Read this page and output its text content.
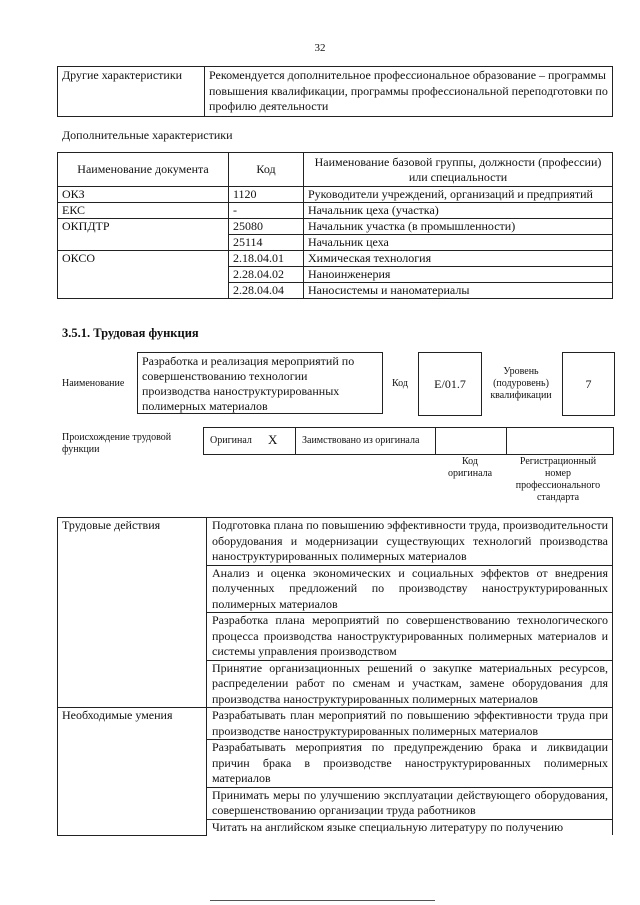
32
Другие характеристики	Рекомендуется дополнительное профессиональное образование – программы повышения квалификации, программы профессиональной переподготовки по профилю деятельности
Дополнительные характеристики
Наименование документа	Код	Наименование базовой группы, должности (профессии) или специальности
ОКЗ	1120	Руководители учреждений, организаций и предприятий
ЕКС	-	Начальник цеха (участка)
ОКПДТР	25080	Начальник участка (в промышленности)
	25114	Начальник цеха
ОКСО	2.18.04.01	Химическая технология
	2.28.04.02	Наноинженерия
	2.28.04.04	Наносистемы и наноматериалы
3.5.1. Трудовая функция
Наименование
Разработка и реализация мероприятий по совершенствованию технологии производства наноструктурированных полимерных материалов
Код	E/01.7
Уровень (подуровень) квалификации
7
Происхождение трудовой функции
Оригинал X Заимствовано из оригинала
Код оригинала
Регистрационный номер профессионального стандарта
Трудовые действия	Подготовка плана по повышению эффективности труда, производительности оборудования и модернизации существующих технологий производства наноструктурированных полимерных материалов
	Анализ и оценка экономических и социальных эффектов от внедрения полученных предложений по производству наноструктурированных полимерных материалов
	Разработка плана мероприятий по совершенствованию технологического процесса производства наноструктурированных полимерных материалов и системы управления производством
	Принятие организационных решений о закупке материальных ресурсов, распределении работ по сменам и участкам, замене оборудования для производства наноструктурированных полимерных материалов
Необходимые умения	Разрабатывать план мероприятий по повышению эффективности труда при производстве наноструктурированных полимерных материалов
	Разрабатывать мероприятия по предупреждению брака и ликвидации причин брака в производстве наноструктурированных полимерных материалов
	Принимать меры по улучшению эксплуатации действующего оборудования, совершенствованию организации труда работников
	Читать на английском языке специальную литературу по получению
